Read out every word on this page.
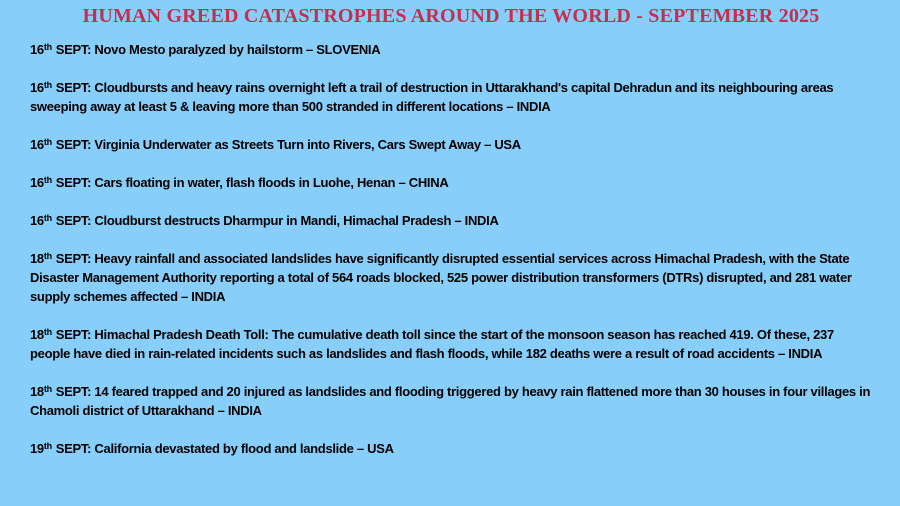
HUMAN GREED CATASTROPHES AROUND THE WORLD - SEPTEMBER 2025

16th SEPT: Novo Mesto paralyzed by hailstorm – SLOVENIA

16th SEPT: Cloudbursts and heavy rains overnight left a trail of destruction in Uttarakhand's capital Dehradun and its neighbouring areas sweeping away at least 5 & leaving more than 500 stranded in different locations – INDIA

16th SEPT: Virginia Underwater as Streets Turn into Rivers, Cars Swept Away – USA

16th SEPT: Cars floating in water, flash floods in Luohe, Henan – CHINA

16th SEPT: Cloudburst destructs Dharmpur in Mandi, Himachal Pradesh – INDIA

18th SEPT: Heavy rainfall and associated landslides have significantly disrupted essential services across Himachal Pradesh, with the State Disaster Management Authority reporting a total of 564 roads blocked, 525 power distribution transformers (DTRs) disrupted, and 281 water supply schemes affected – INDIA

18th SEPT: Himachal Pradesh Death Toll: The cumulative death toll since the start of the monsoon season has reached 419. Of these, 237 people have died in rain-related incidents such as landslides and flash floods, while 182 deaths were a result of road accidents – INDIA

18th SEPT: 14 feared trapped and 20 injured as landslides and flooding triggered by heavy rain flattened more than 30 houses in four villages in Chamoli district of Uttarakhand – INDIA

19th SEPT: California devastated by flood and landslide – USA
